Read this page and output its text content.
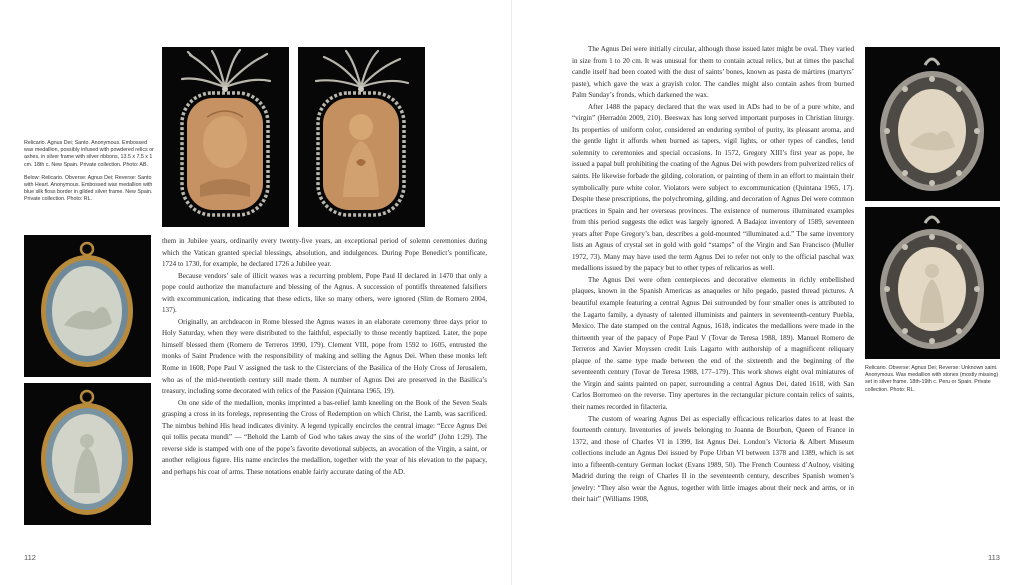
Relicario. Agnus Dei; Santo. Anonymous. Embossed wax medallion, possibly infused with powdered relics or ashes, in silver frame with silver ribbons, 13.5 x 7.5 x 1 cm. 18th c. New Spain. Private collection. Photo: AB.

Below: Relicario. Obverse: Agnus Dei; Reverse: Santo with Heart. Anonymous. Embossed wax medallion with blue silk floss border in gilded silver frame. New Spain. Private collection. Photo: RL.

Relicario. Obverse: Agnus Dei; Reverse: Unknown saint. Anonymous. Wax medallion with stones (mostly missing) set in silver frame. 18th-19th c. Peru or Spain. Private collection. Photo: RL.

them in Jubilee years, ordinarily every twenty-five years, an exceptional period of solemn ceremonies during which the Vatican granted special blessings, absolution, and indulgences. During Pope Benedict’s pontificate, 1724 to 1730, for example, he declared 1726 a Jubilee year.

Because vendors’ sale of illicit waxes was a recurring problem, Pope Paul II declared in 1470 that only a pope could authorize the manufacture and blessing of the Agnus. A succession of pontiffs threatened falsifiers with excommunication, indicating that these edicts, like so many others, were ignored (Slim de Romero 2004, 137).

Originally, an archdeacon in Rome blessed the Agnus waxes in an elaborate ceremony three days prior to Holy Saturday, when they were distributed to the faithful, especially to those recently baptized. Later, the pope himself blessed them (Romero de Terreros 1990, 179). Clement VIII, pope from 1592 to 1605, entrusted the monks of Saint Prudence with the responsibility of making and selling the Agnus Dei. When these monks left Rome in 1608, Pope Paul V assigned the task to the Cistercians of the Basilica of the Holy Cross of Jerusalem, who as of the mid-twentieth century still made them. A number of Agnus Dei are preserved in the Basilica’s treasury, including some decorated with relics of the Passion (Quintana 1965, 19).

On one side of the medallion, monks imprinted a bas-relief lamb kneeling on the Book of the Seven Seals grasping a cross in its forelegs, representing the Cross of Redemption on which Christ, the Lamb, was sacrificed. The nimbus behind His head indicates divinity. A legend typically encircles the central image: “Ecce Agnus Dei qui tollis pecata mundi” — “Behold the Lamb of God who takes away the sins of the world” (John 1:29). The reverse side is stamped with one of the pope’s favorite devotional subjects, an avocation of the Virgin, a saint, or another religious figure. His name encircles the medallion, together with the year of his elevation to the papacy, and perhaps his coat of arms. These notations enable fairly accurate dating of the AD.

The Agnus Dei were initially circular, although those issued later might be oval. They varied in size from 1 to 20 cm. It was unusual for them to contain actual relics, but at times the paschal candle itself had been coated with the dust of saints’ bones, known as pasta de mártires (martyrs’ paste), which gave the wax a grayish color. The candles might also contain ashes from burned Palm Sunday’s fronds, which darkened the wax.

After 1488 the papacy declared that the wax used in ADs had to be of a pure white, and “virgin” (Herradón 2009, 210). Beeswax has long served important purposes in Christian liturgy. Its properties of uniform color, considered an enduring symbol of purity, its pleasant aroma, and the gentle light it affords when burned as tapers, vigil lights, or other types of candles, lend solemnity to ceremonies and special occasions. In 1572, Gregory XIII’s first year as pope, he issued a papal bull prohibiting the coating of the Agnus Dei with powders from pulverized relics of saints. He likewise forbade the gilding, coloration, or painting of them in an effort to maintain their symbolically pure white color. Violators were subject to excommunication (Quintana 1965, 17). Despite these prescriptions, the polychroming, gilding, and decoration of Agnus Dei were common practices in Spain and her overseas provinces. The existence of numerous illuminated examples from this period suggests the edict was largely ignored. A Badajoz inventory of 1589, seventeen years after Pope Gregory’s ban, describes a gold-mounted “illuminated a.d.” The same inventory lists an Agnus of crystal set in gold with gold “stamps” of the Virgin and San Francisco (Muller 1972, 73). Many may have used the term Agnus Dei to refer not only to the official paschal wax medallions issued by the papacy but to other types of relicarios as well.

The Agnus Dei were often centerpieces and decorative elements in richly embellished plaques, known in the Spanish Americas as anaqueles or hilo pegado, pasted thread pictures. A beautiful example featuring a central Agnus Dei surrounded by four smaller ones is attributed to the Lagarto family, a dynasty of talented illuminists and painters in seventeenth-century Puebla, Mexico. The date stamped on the central Agnus, 1618, indicates the medallions were made in the thirteenth year of the papacy of Pope Paul V (Tovar de Teresa 1988, 189). Manuel Romero de Terreros and Xavier Moyssen credit Luis Lagarto with authorship of a magnificent reliquary plaque of the same type made between the end of the sixteenth and the beginning of the seventeenth century (Tovar de Teresa 1988, 177–179). This work shows eight oval miniatures of the Virgin and saints painted on paper, surrounding a central Agnus Dei, dated 1618, with San Carlos Borromeo on the reverse. Tiny apertures in the rectangular picture contain relics of saints, their names recorded in filacteria.

The custom of wearing Agnus Dei as especially efficacious relicarios dates to at least the fourteenth century. Inventories of jewels belonging to Joanna de Bourbon, Queen of France in 1372, and those of Charles VI in 1399, list Agnus Dei. London’s Victoria & Albert Museum collections include an Agnus Dei issued by Pope Urban VI between 1378 and 1389, which is set into a fifteenth-century German locket (Evans 1989, 50). The French Countess d’Aulnoy, visiting Madrid during the reign of Charles II in the seventeenth century, describes Spanish women’s jewelry: “They also wear the Agnus, together with little images about their neck and arms, or in their hair” (Williams 1908,

112	113
